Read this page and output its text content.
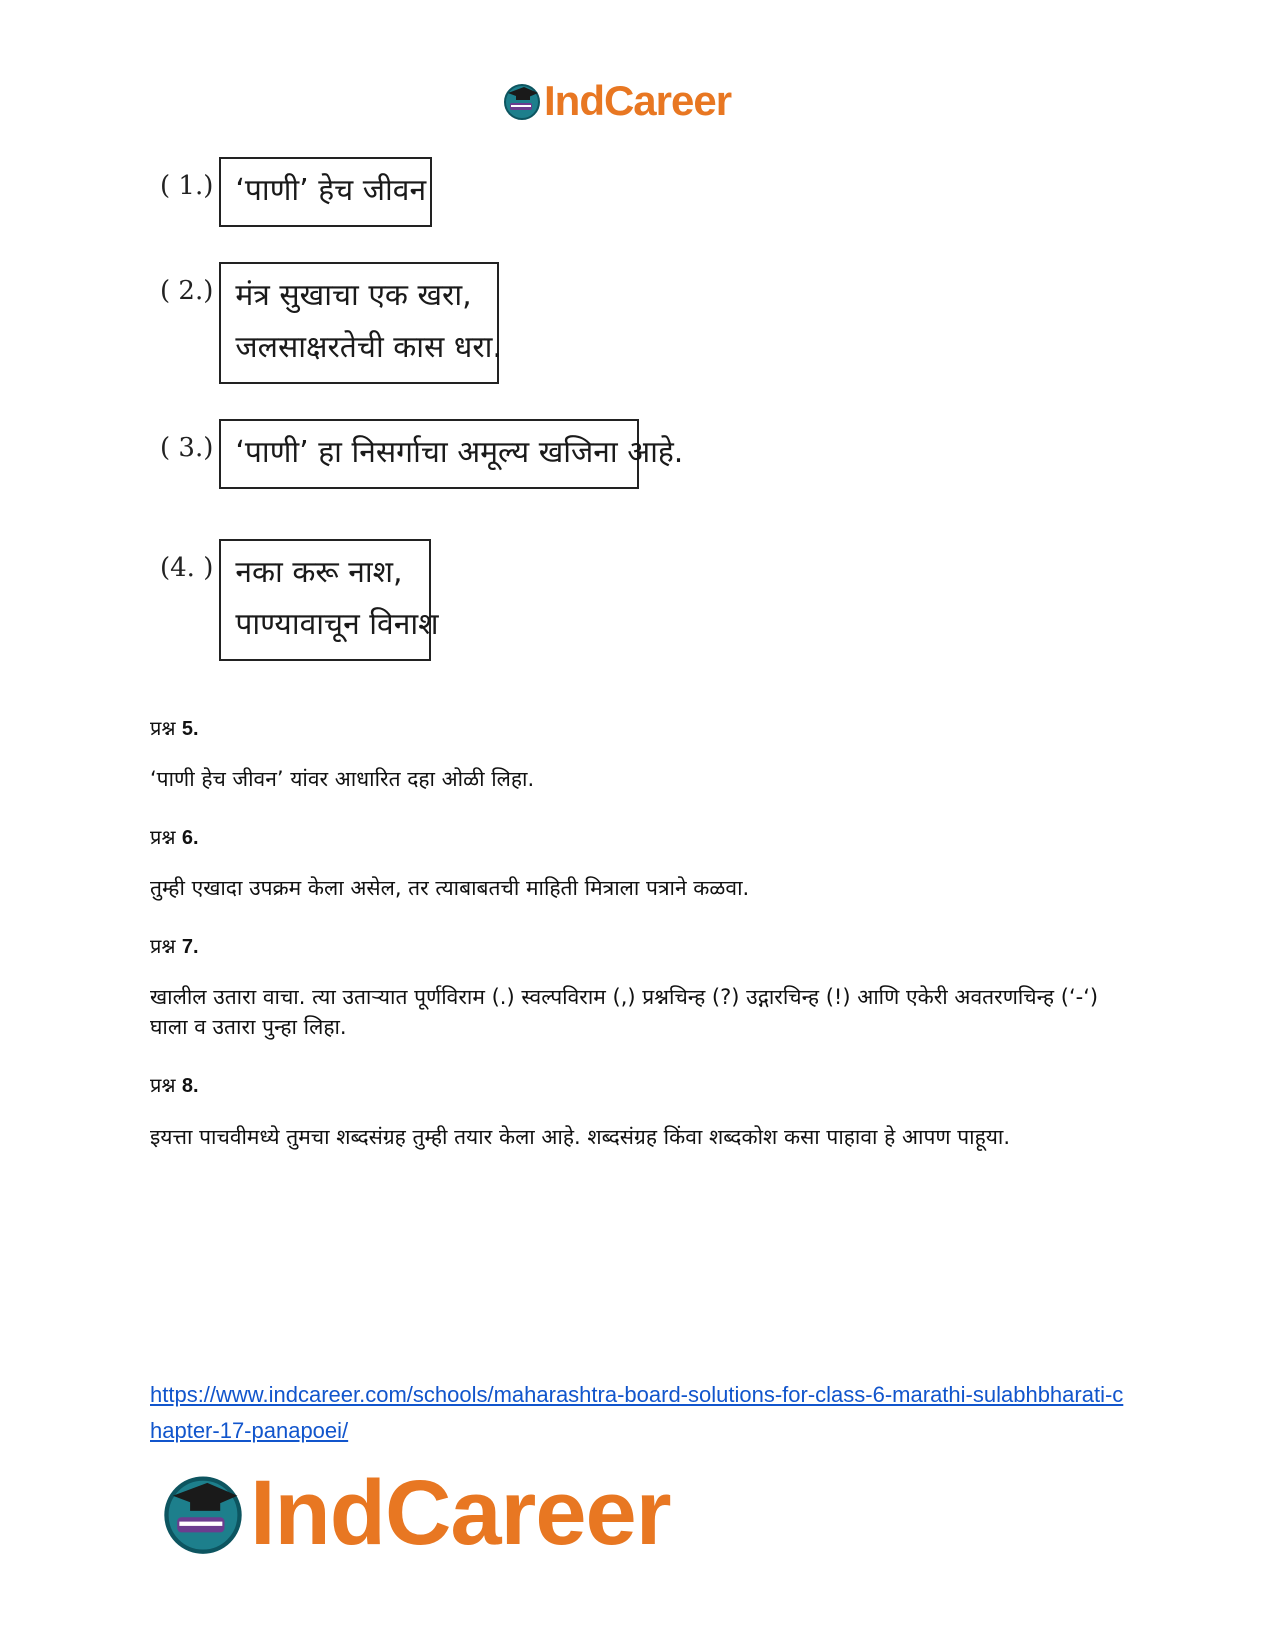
IndCareer
( 1.) ‘पाणी’ हेच जीवन
( 2.) मंत्र सुखाचा एक खरा,
जलसाक्षरतेची कास धरा.
( 3.) ‘पाणी’ हा निसर्गाचा अमूल्य खजिना आहे.
(4. ) नका करू नाश,
पाण्यावाचून विनाश
प्रश्न 5.
‘पाणी हेच जीवन’ यांवर आधारित दहा ओळी लिहा.
प्रश्न 6.
तुम्ही एखादा उपक्रम केला असेल, तर त्याबाबतची माहिती मित्राला पत्राने कळवा.
प्रश्न 7.
खालील उतारा वाचा. त्या उताऱ्यात पूर्णविराम (.) स्वल्पविराम (,) प्रश्नचिन्ह (?) उद्गारचिन्ह (!) आणि एकेरी अवतरणचिन्ह (‘-‘) घाला व उतारा पुन्हा लिहा.
प्रश्न 8.
इयत्ता पाचवीमध्ये तुमचा शब्दसंग्रह तुम्ही तयार केला आहे. शब्दसंग्रह किंवा शब्दकोश कसा पाहावा हे आपण पाहूया.
https://www.indcareer.com/schools/maharashtra-board-solutions-for-class-6-marathi-sulabhbharati-chapter-17-panapoei/
IndCareer
